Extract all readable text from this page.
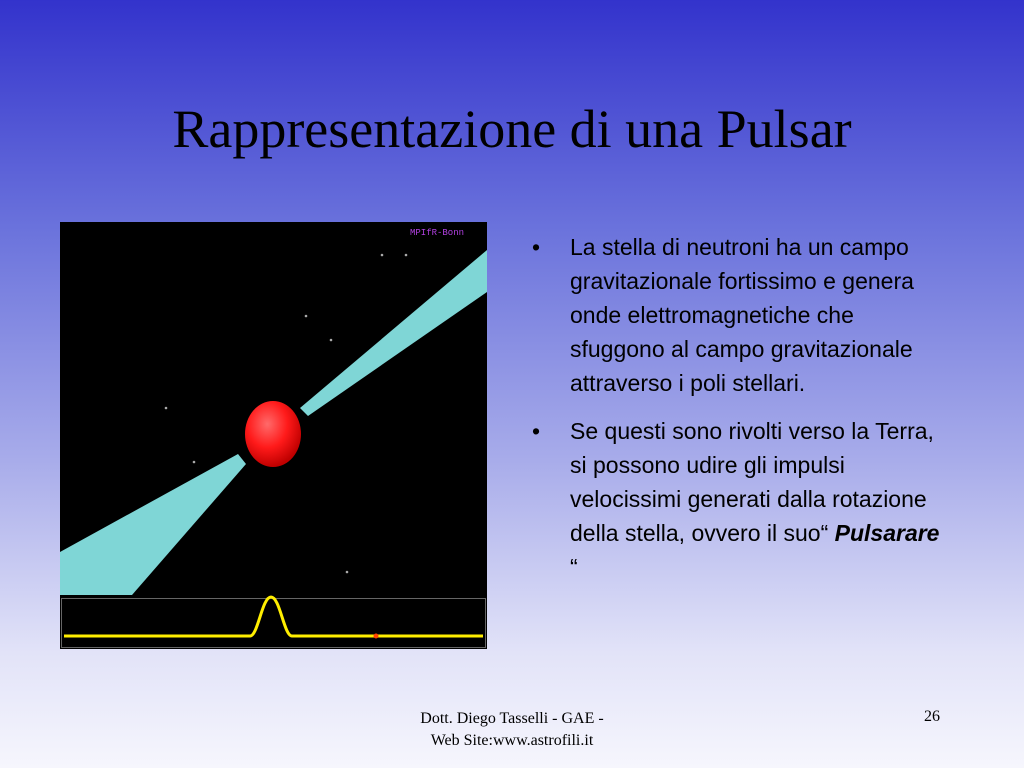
Rappresentazione di una Pulsar
MPIfR-Bonn
• La stella di neutroni ha un campo gravitazionale fortissimo e genera onde elettromagnetiche che sfuggono al campo gravitazionale attraverso i poli stellari.
• Se questi sono rivolti verso la Terra, si possono udire gli impulsi velocissimi generati dalla rotazione della stella, ovvero il suo“ Pulsarare “
Dott. Diego Tasselli - GAE -
Web Site:www.astrofili.it
26
